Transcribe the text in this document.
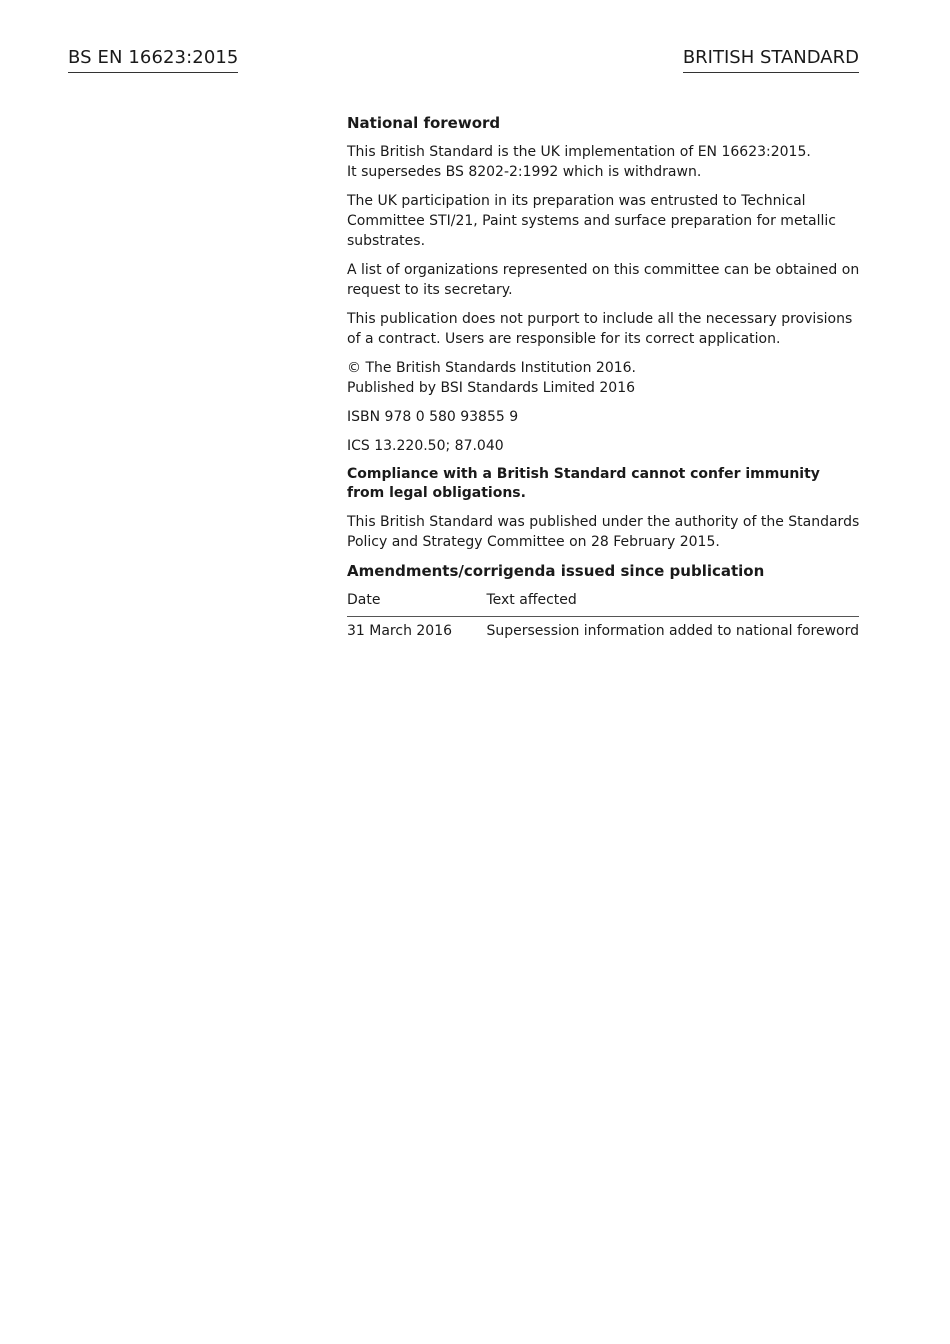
BS EN 16623:2015	BRITISH STANDARD

National foreword

This British Standard is the UK implementation of EN 16623:2015.
It supersedes BS 8202-2:1992 which is withdrawn.

The UK participation in its preparation was entrusted to Technical Committee STI/21, Paint systems and surface preparation for metallic substrates.

A list of organizations represented on this committee can be obtained on request to its secretary.

This publication does not purport to include all the necessary provisions of a contract. Users are responsible for its correct application.

© The British Standards Institution 2016.
Published by BSI Standards Limited 2016

ISBN 978 0 580 93855 9

ICS 13.220.50; 87.040

Compliance with a British Standard cannot confer immunity from legal obligations.

This British Standard was published under the authority of the Standards Policy and Strategy Committee on 28 February 2015.

Amendments/corrigenda issued since publication

Date	Text affected
31 March 2016	Supersession information added to national foreword
